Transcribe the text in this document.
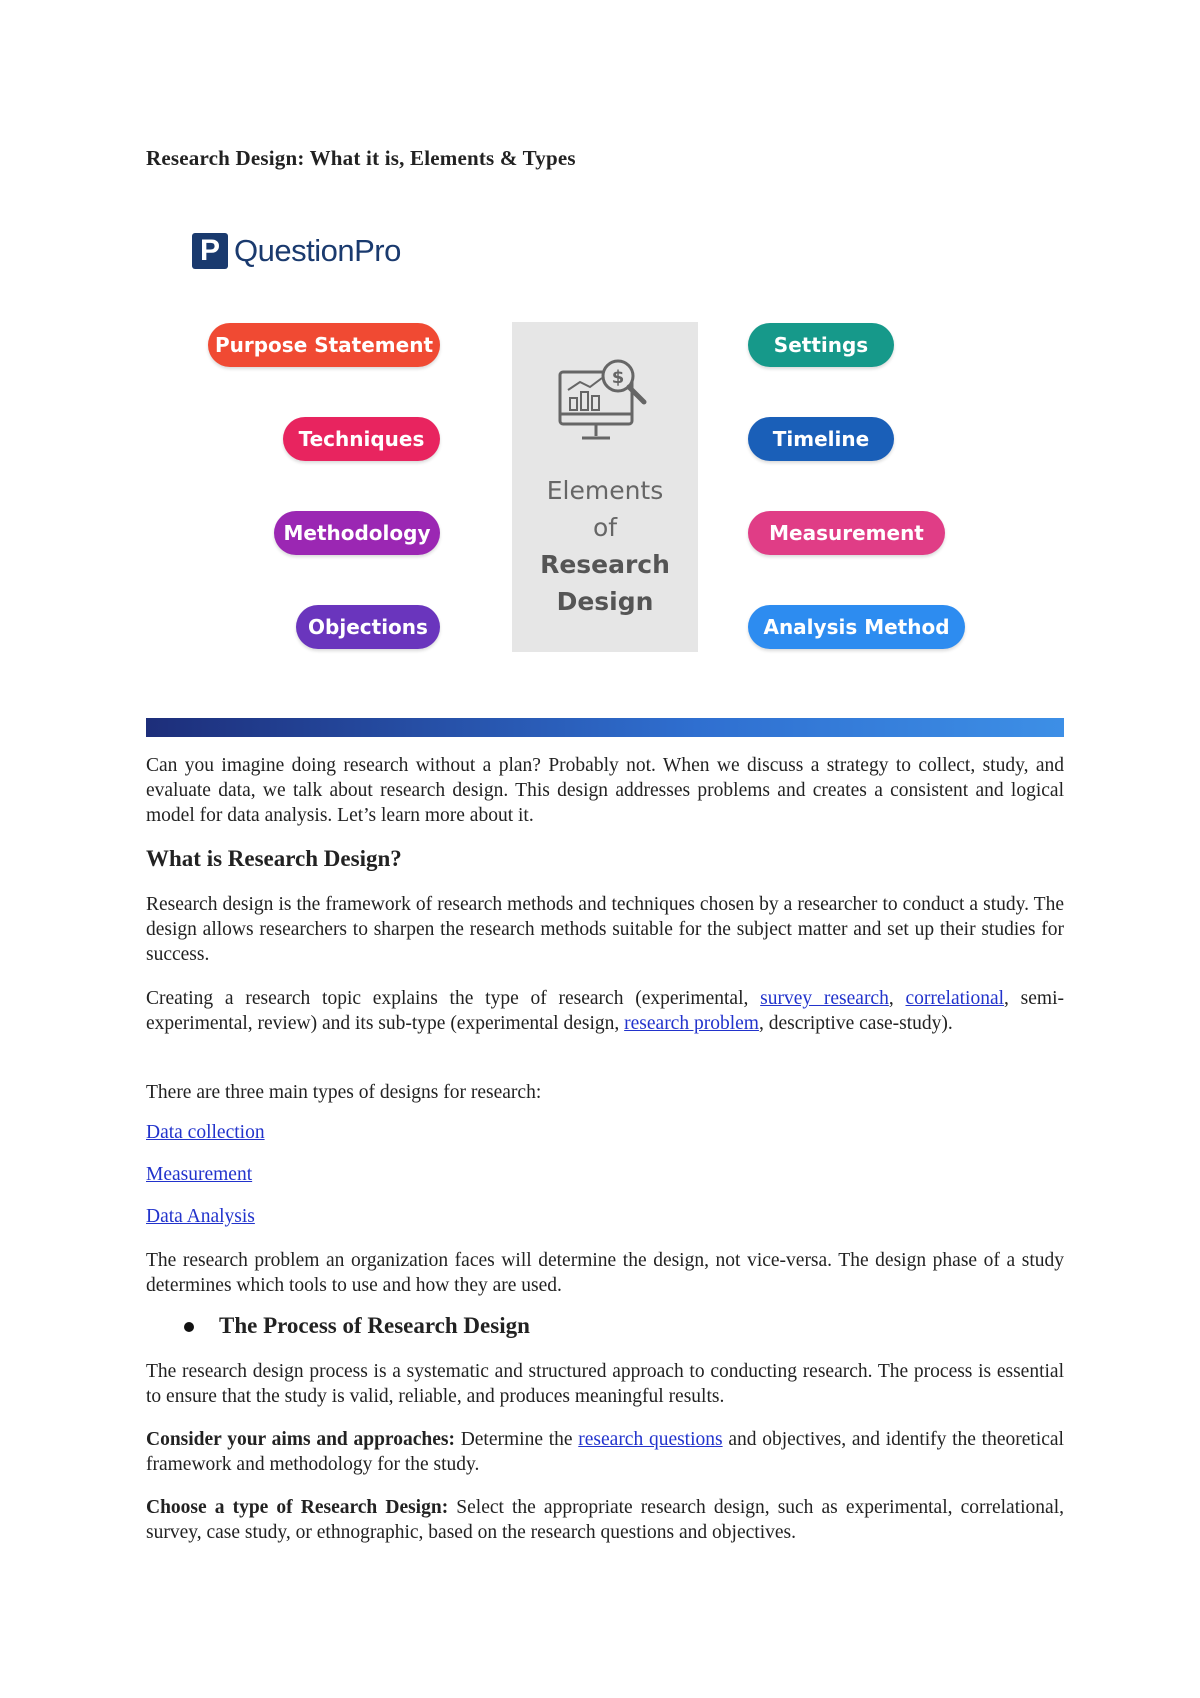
Research Design: What it is, Elements & Types
P QuestionPro
Purpose Statement
Techniques
Methodology
Objections
$
Elements
of
Research
Design
Settings
Timeline
Measurement
Analysis Method
Can you imagine doing research without a plan? Probably not. When we discuss a strategy to collect, study, and evaluate data, we talk about research design. This design addresses problems and creates a consistent and logical model for data analysis. Let’s learn more about it.
What is Research Design?
Research design is the framework of research methods and techniques chosen by a researcher to conduct a study. The design allows researchers to sharpen the research methods suitable for the subject matter and set up their studies for success.
Creating a research topic explains the type of research (experimental, survey research, correlational, semi-experimental, review) and its sub-type (experimental design, research problem, descriptive case-study).
There are three main types of designs for research:
Data collection
Measurement
Data Analysis
The research problem an organization faces will determine the design, not vice-versa. The design phase of a study determines which tools to use and how they are used.
The Process of Research Design
The research design process is a systematic and structured approach to conducting research. The process is essential to ensure that the study is valid, reliable, and produces meaningful results.
Consider your aims and approaches: Determine the research questions and objectives, and identify the theoretical framework and methodology for the study.
Choose a type of Research Design: Select the appropriate research design, such as experimental, correlational, survey, case study, or ethnographic, based on the research questions and objectives.
